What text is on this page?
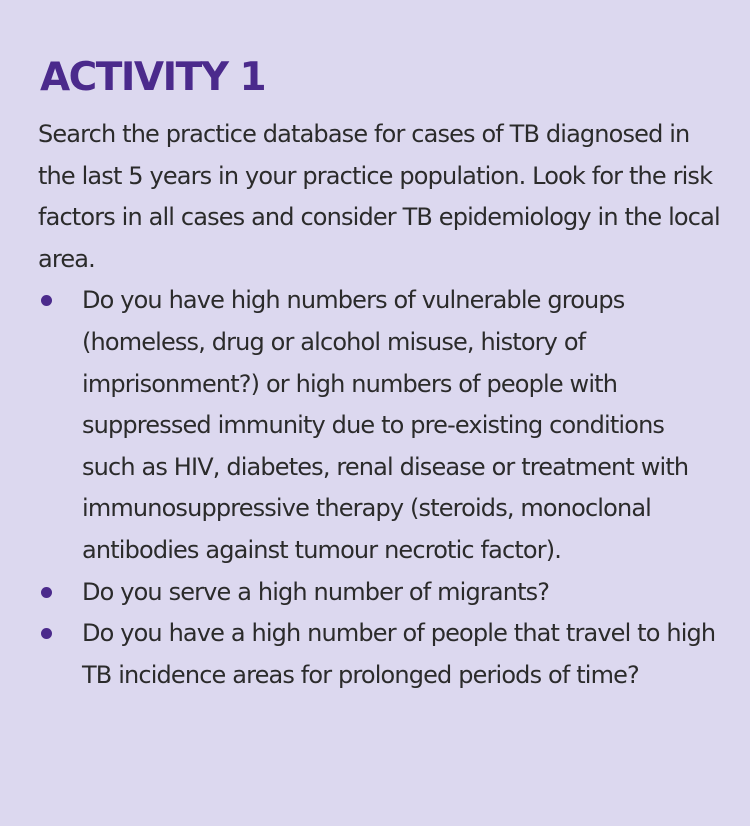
ACTIVITY 1

Search the practice database for cases of TB diagnosed in the last 5 years in your practice population. Look for the risk factors in all cases and consider TB epidemiology in the local area.

Do you have high numbers of vulnerable groups (homeless, drug or alcohol misuse, history of imprisonment?) or high numbers of people with suppressed immunity due to pre-existing conditions such as HIV, diabetes, renal disease or treatment with immunosuppressive therapy (steroids, monoclonal antibodies against tumour necrotic factor).
Do you serve a high number of migrants?
Do you have a high number of people that travel to high TB incidence areas for prolonged periods of time?
